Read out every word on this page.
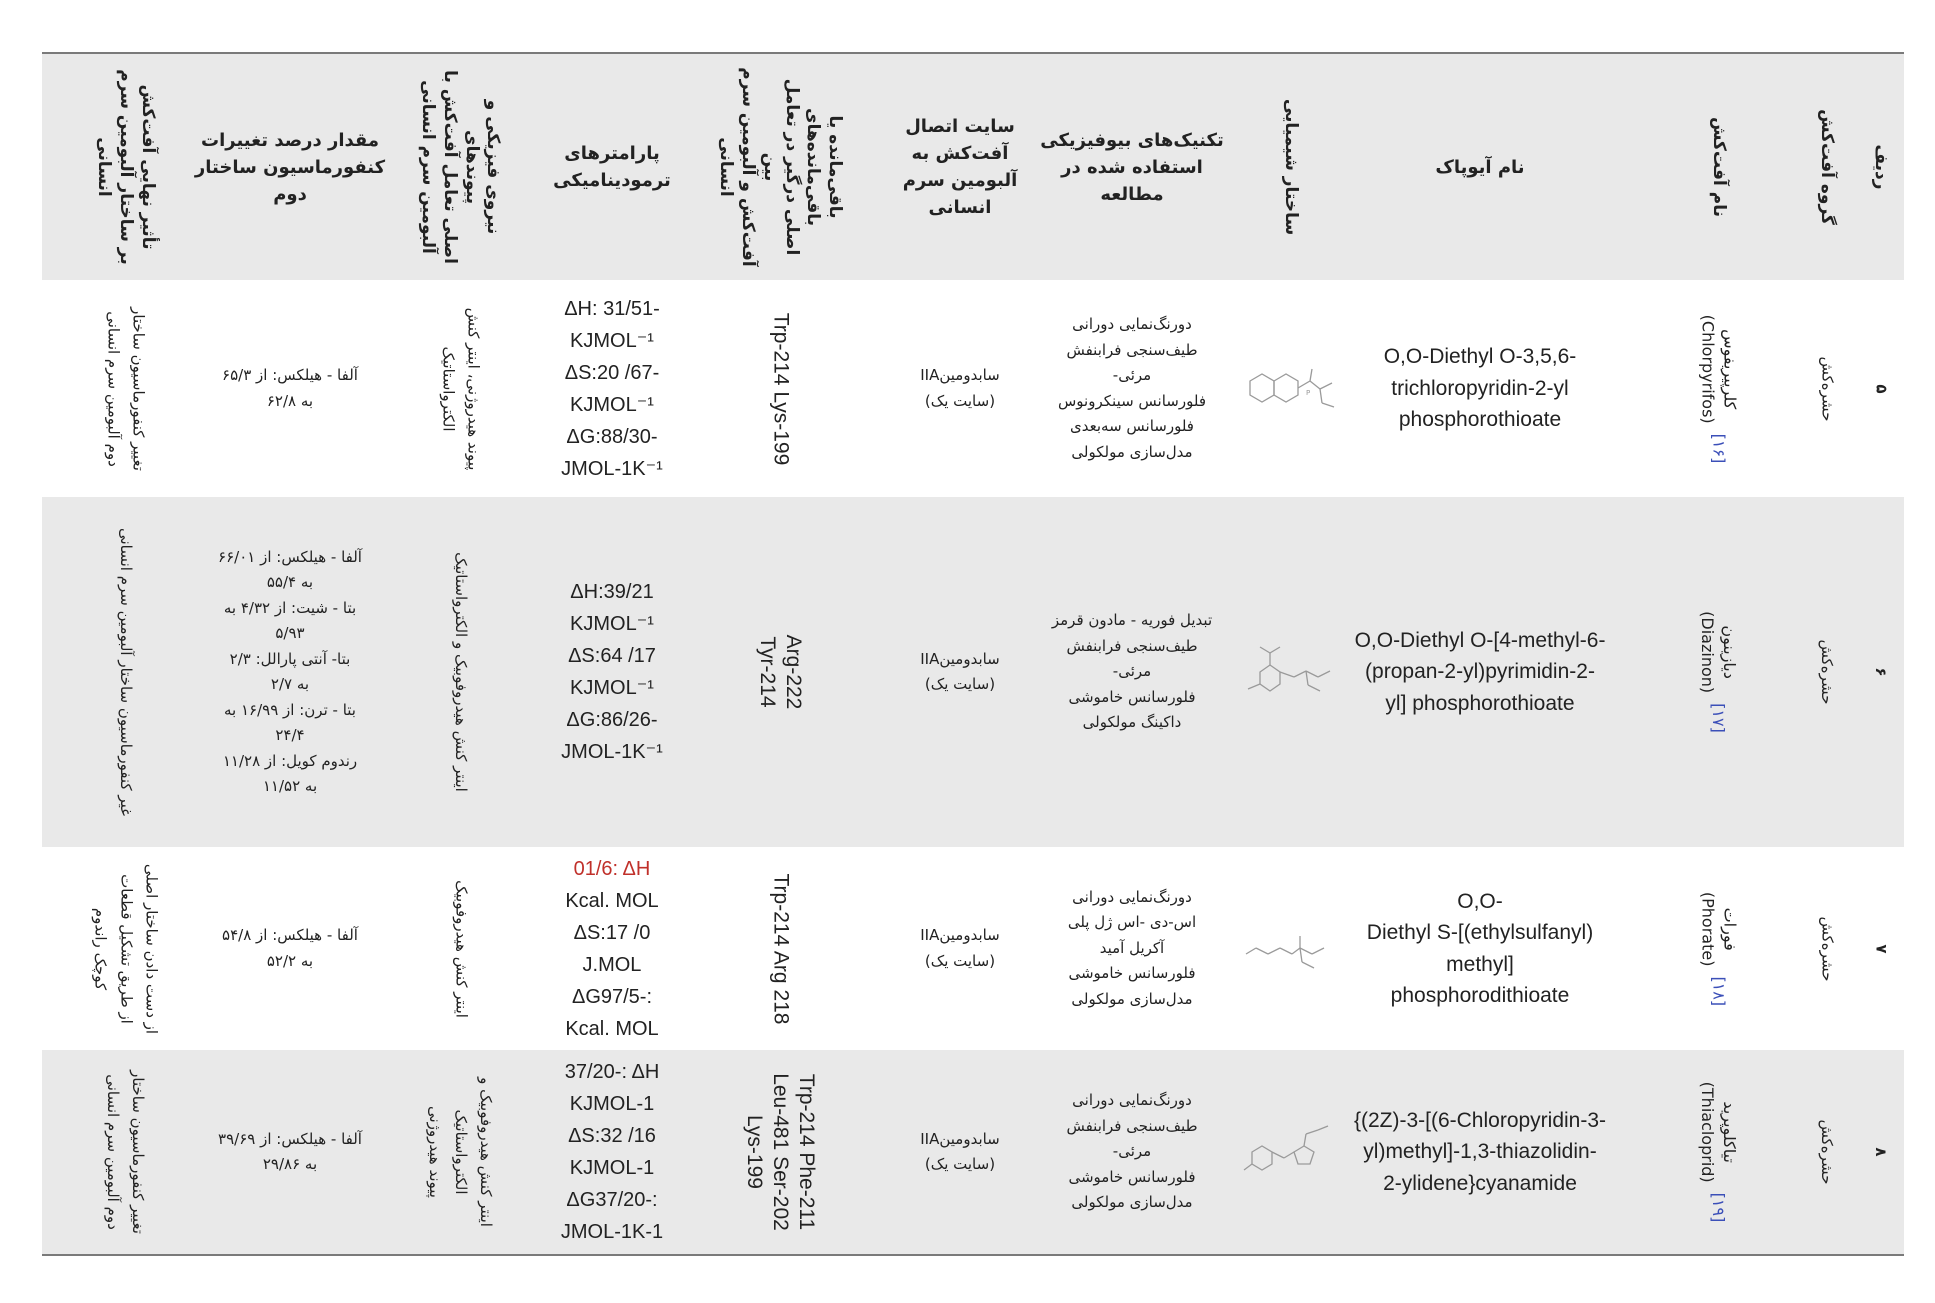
ردیف
گروه آفت‌کش
نام آفت‌کش
نام آیوپاک
ساختار شیمیایی
تکنیک‌های بیوفیزیکی
استفاده شده در
مطالعه
سایت اتصال
آفت‌کش به
آلبومین سرم
انسانی
باقی‌مانده یا باقی‌مانده‌های
اصلی درگیر در تعامل بین
آفت‌کش و آلبومین سرم
انسانی
پارامترهای
ترمودینامیکی
نیروی فیزیکی و پیوندهای
اصلی تعامل آفت‌کش با
آلبومین سرم انسانی
مقدار درصد تغییرات
کنفورماسیون ساختار
دوم
تأثیر نهایی آفت‌کش
بر ساختار آلبومین سرم
انسانی
۵
حشره‌کش
کلرپیریفوس
(Chlorpyrifos)
[۱۶]
O,O-Diethyl O-3,5,6-
trichloropyridin-2-yl
phosphorothioate
P
دورنگ‌نمایی دورانی
طیف‌سنجی فرابنفش
-مرئی
فلورسانس سینکرونوس
فلورسانس سه‌بعدی
مدل‌سازی مولکولی
IIAسابدومین
(سایت یک)
Trp-214 Lys-199
ΔH: 31/51-
KJMOL⁻¹
ΔS:20 /67-
KJMOL⁻¹
ΔG:88/30-
JMOL-1K⁻¹
پیوند هیدروژنی، اینتر کنش
الکترواستاتیک
آلفا - هیلکس: از ۶۵/۳
به ۶۲/۸
تغییر کنفورماسیون ساختار
دوم آلبومین سرم انسانی
۶
حشره‌کش
دیازینون
(Diazinon)
[۱۷]
O,O-Diethyl O-[4-methyl-6-
(propan-2-yl)pyrimidin-2-
yl] phosphorothioate
تبدیل فوریه - مادون قرمز
طیف‌سنجی فرابنفش
-مرئی
فلورسانس خاموشی
داکینگ مولکولی
IIAسابدومین
(سایت یک)
Arg-222
Tyr-214
ΔH:39/21
KJMOL⁻¹
ΔS:64 /17
KJMOL⁻¹
ΔG:86/26-
JMOL-1K⁻¹
اینتر کنش هیدروفوبیک و الکترواستاتیک
آلفا - هیلکس: از ۶۶/۰۱
به ۵۵/۴
بتا - شیت: از ۴/۳۲ به
۵/۹۳
بتا- آنتی پارالل: ۲/۳
به ۲/۷
بتا - ترن: از ۱۶/۹۹ به
۲۴/۴
رندوم کویل: از ۱۱/۲۸
به ۱۱/۵۲
غیر کنفورماسیون ساختار آلبومین سرم انسانی
۷
حشره‌کش
فورات
(Phorate)
[۱۸]
O,O-
Diethyl S-[(ethylsulfanyl)
methyl]
phosphorodithioate
دورنگ‌نمایی دورانی
اس-دی -اس ژل پلی
آکریل آمید
فلورسانس خاموشی
مدل‌سازی مولکولی
IIAسابدومین
(سایت یک)
Trp-214 Arg 218
01/6: ΔH
Kcal. MOL
ΔS:17 /0
J.MOL
ΔG97/5-:
Kcal. MOL
اینتر کنش هیدروفوبیک
آلفا - هیلکس: از ۵۴/۸
به ۵۲/۲
از دست دادن ساختار اصلی
از طریق تشکیل قطعات
کوچک راندوم
۸
حشره‌کش
تیاکلوپرید
(Thiacloprid)
[۱۹]
{(2Z)-3-[(6-Chloropyridin-3-
yl)methyl]-1,3-thiazolidin-
2-ylidene}cyanamide
دورنگ‌نمایی دورانی
طیف‌سنجی فرابنفش
-مرئی
فلورسانس خاموشی
مدل‌سازی مولکولی
IIAسابدومین
(سایت یک)
Trp-214 Phe-211
Leu-481 Ser-202
Lys-199
37/20-: ΔH
KJMOL-1
ΔS:32 /16
KJMOL-1
ΔG37/20-:
JMOL-1K-1
اینتر کنش هیدروفوبیک و
الکترواستاتیک
پیوند هیدروژنی
آلفا - هیلکس: از ۳۹/۶۹
به ۲۹/۸۶
تغییر کنفورماسیون ساختار
دوم آلبومین سرم انسانی
